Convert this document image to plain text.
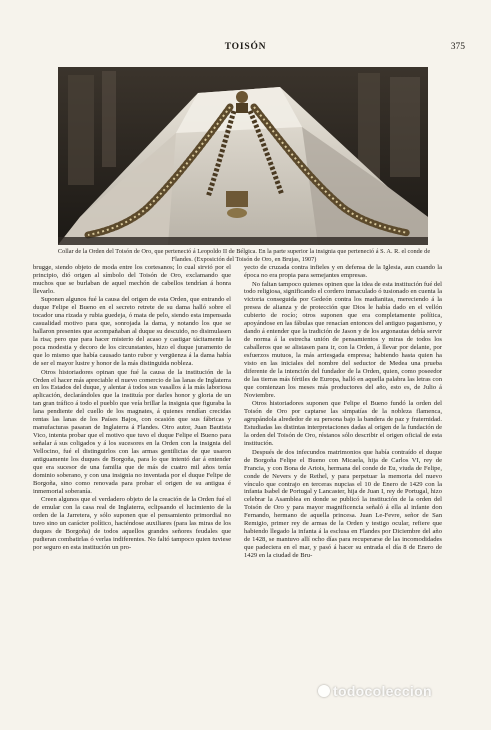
TOISÓN	375
Collar de la Orden del Toisón de Oro, que perteneció á Leopoldo II de Bélgica. En la parte superior la insignia que perteneció á S. A. R. el conde de Flandes. (Exposición del Toisón de Oro, en Brujas, 1907)

brugge, siendo objeto de moda entre los cortesanos; lo cual sirvió por el principio, dió origen al símbolo del Toisón de Oro, exclamando que muchos que se burlaban de aquel mechón de cabellos tendrían á honra llevarlo.

Suponen algunos fué la causa del origen de esta Orden, que entrando el duque Felipe el Bueno en el secreto retrete de su dama halló sobre el tocador una rizada y rubia guedeja, ó mata de pelo, siendo esta impensada casualidad motivo para que, sonrojada la dama, y notando los que se hallaron presentes que acompañaban al duque su descuido, no disimulasen la risa; pero que para hacer misterio del acaso y castigar tácitamente la poca modestia y decoro de los circunstantes, hizo el duque juramento de que lo mismo que había causado tanto rubor y vergüenza á la dama había de ser el mayor lustre y honor de la más distinguida nobleza.

Otros historiadores opinan que fué la causa de la institución de la Orden el hacer más apreciable el nuevo comercio de las lanas de Inglaterra en los Estados del duque, y alentar á todos sus vasallos á la más laboriosa aplicación, declarándoles que la instituía por darles honor y gloria de un tan gran tráfico á todo el pueblo que veía brillar la insignia que figuraba la lana pendiente del cuello de los magnates, á quienes rendían crecidas rentas las lanas de los Países Bajos, con ocasión que sus fábricas y manufacturas pasaran de Inglaterra á Flandes. Otro autor, Juan Bautista Vico, intenta probar que el motivo que tuvo el duque Felipe el Bueno para señalar á sus coligados y á los sucesores en la Orden con la insignia del Vellocino, fué el distinguirlos con las armas gentilicias de que usaron antiguamente los duques de Borgoña, para lo que intentó dar á entender que era sucesor de una familia que de más de cuatro mil años tenía dominio soberano, y con una insignia no inventada por el duque Felipe de Borgoña, sino como renovada para probar el origen de su antigua é inmemorial soberanía.

Creen algunos que el verdadero objeto de la creación de la Orden fué el de emular con la casa real de Inglaterra, eclipsando el lucimiento de la orden de la Jarretera, y sólo suponen que el pensamiento primordial no tuvo sino un carácter político, haciéndose auxiliares (para las miras de los duques de Borgoña) de todos aquellos grandes señores feudales que pudieran combatirlas ó verlas indiferentes. No faltó tampoco quien tuviese por seguro en esta institución un pro-

yecto de cruzada contra infieles y en defensa de la Iglesia, aun cuando la época no era propia para semejantes empresas.

No faltan tampoco quienes opinen que la idea de esta institución fué del todo religiosa, significando el cordero inmaculado ó tusionado en cuenta la victoria conseguida por Gedeón contra los madianitas, mereciendo á la presea de alianza y de protección que Dios le había dado en el vellón cubierto de rocío; otros suponen que era completamente política, apoyándose en las fábulas que renacían entonces del antiguo paganismo, y dando á entender que la tradición de Jason y de los argonautas debía servir de norma á la estrecha unión de pensamientos y miras de todos los caballeros que se alistasen para ir, con la Orden, á llevar por delante, por esfuerzos mutuos, la más arriesgada empresa; habiendo hasta quien ha visto en las iniciales del nombre del seductor de Medea una prueba diferente de la intención del fundador de la Orden, quien, como poseedor de las tierras más fértiles de Europa, halló en aquella palabra las letras con que comienzan los meses más productores del año, esto es, de Julio á Noviembre.

Otros historiadores suponen que Felipe el Bueno fundó la orden del Toisón de Oro por captarse las simpatías de la nobleza flamenca, agrupándola alrededor de su persona bajo la bandera de paz y fraternidad. Estudiadas las distintas interpretaciones dadas al origen de la fundación de la orden del Toisón de Oro, réstanos sólo describir el origen oficial de esta institución.

Después de dos infecundos matrimonios que había contraído el duque de Borgoña Felipe el Bueno con Micaela, hija de Carlos VI, rey de Francia, y con Bona de Artois, hermana del conde de Eu, viuda de Felipe, conde de Nevers y de Rethel, y para perpetuar la memoria del nuevo vínculo que contrajo en terceras nupcias el 10 de Enero de 1429 con la infanta Isabel de Portugal y Lancaster, hija de Juan I, rey de Portugal, hizo celebrar la Asamblea en donde se publicó la institución de la orden del Toisón de Oro y para mayor magnificencia señaló á ella al infante don Fernando, hermano de aquella princesa. Juan Le-Fevre, señor de San Remigio, primer rey de armas de la Orden y testigo ocular, refiere que habiendo llegado la infanta á la esclusa en Flandes por Diciembre del año de 1428, se mantuvo allí ocho días para recuperarse de las incomodidades que padeciera en el mar, y pasó á hacer su entrada el día 8 de Enero de 1429 en la ciudad de Bru-

todocoleccion
